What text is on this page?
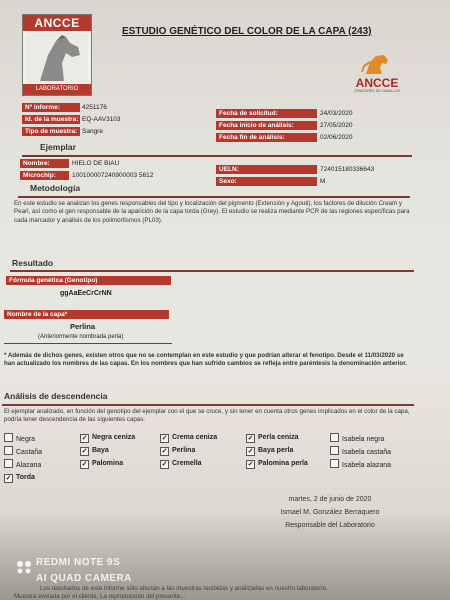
ANCCE
LABORATORIO
ESTUDIO GENÉTICO DEL COLOR DE LA CAPA (243)
ANCCE
CRIADORES DE CABALLOS
Nº informe:	4251176
Id. de la muestra: EQ-AAV3103
Tipo de muestra: Sangre
Fecha de solicitud:	24/03/2020
Fecha inicio de análisis:	27/05/2020
Fecha fin de análisis:	02/06/2020
Ejemplar
Nombre:	HIELO DE BIAU
Microchip:	100100007240900003 5612
UELN:	724015180336643
Sexo:	M
Metodología
En este estudio se analizan los genes responsables del tipo y localización del pigmento (Extensión y Agouti), los factores de dilución Cream y Pearl, así como el gen responsable de la aparición de la capa torda (Grey). El estudio se realiza mediante PCR de las regiones específicas para cada marcador y análisis de los polimorfismos (PL03).
Resultado
Fórmula genética (Genotipo)
ggAaEeCrCrNN
Nombre de la capa*
Perlina
(Anteriormente nombrada perla)
* Además de dichos genes, existen otros que no se contemplan en este estudio y que podrían alterar el fenotipo. Desde el 11/03/2020 se han actualizado los nombres de las capas. En los nombres que han sufrido cambios se refleja entre paréntesis la denominación anterior.
Análisis de descendencia
El ejemplar analizado, en función del genotipo del ejemplar con el que se cruce, y sin tener en cuenta otros genes implicados en el color de la capa, podría tener descendencia de las siguientes capas:
Negra	✓ Negra ceniza	✓ Crema ceniza	✓ Perla ceniza	Isabela negra
Castaña	✓ Baya	✓ Perlina	✓ Baya perla	Isabela castaña
Alazana	✓ Palomina	✓ Cremella	✓ Palomina perla	Isabela alazana
✓ Torda
martes, 2 de junio de 2020
Ismael M. González Berraquero
Responsable del Laboratorio
Los resultados de este informe sólo afectan a las muestras recibidas y analizadas en nuestro laboratorio.
Muestra enviada por el cliente. La reproducción del presente...
REDMI NOTE 9S
AI QUAD CAMERA
